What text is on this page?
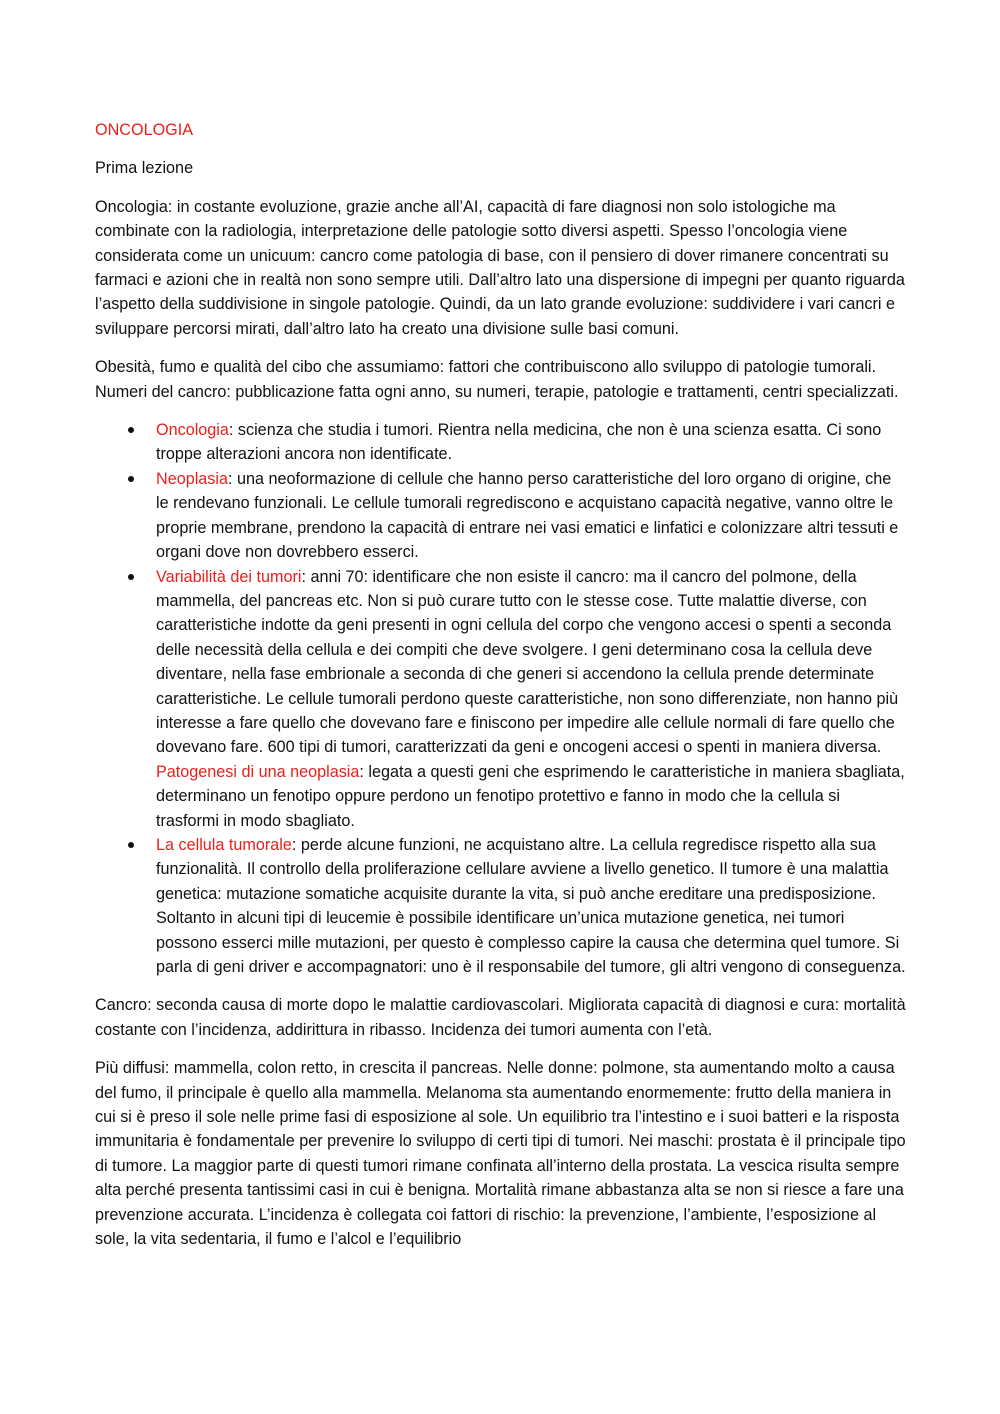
ONCOLOGIA
Prima lezione

Oncologia: in costante evoluzione, grazie anche all’AI, capacità di fare diagnosi non solo istologiche ma combinate con la radiologia, interpretazione delle patologie sotto diversi aspetti. Spesso l’oncologia viene considerata come un unicuum: cancro come patologia di base, con il pensiero di dover rimanere concentrati su farmaci e azioni che in realtà non sono sempre utili. Dall’altro lato una dispersione di impegni per quanto riguarda l’aspetto della suddivisione in singole patologie. Quindi, da un lato grande evoluzione: suddividere i vari cancri e sviluppare percorsi mirati, dall’altro lato ha creato una divisione sulle basi comuni.

Obesità, fumo e qualità del cibo che assumiamo: fattori che contribuiscono allo sviluppo di patologie tumorali. Numeri del cancro: pubblicazione fatta ogni anno, su numeri, terapie, patologie e trattamenti, centri specializzati.

Oncologia: scienza che studia i tumori. Rientra nella medicina, che non è una scienza esatta. Ci sono troppe alterazioni ancora non identificate.
Neoplasia: una neoformazione di cellule che hanno perso caratteristiche del loro organo di origine, che le rendevano funzionali. Le cellule tumorali regrediscono e acquistano capacità negative, vanno oltre le proprie membrane, prendono la capacità di entrare nei vasi ematici e linfatici e colonizzare altri tessuti e organi dove non dovrebbero esserci.
Variabilità dei tumori: anni 70: identificare che non esiste il cancro: ma il cancro del polmone, della mammella, del pancreas etc. Non si può curare tutto con le stesse cose. Tutte malattie diverse, con caratteristiche indotte da geni presenti in ogni cellula del corpo che vengono accesi o spenti a seconda delle necessità della cellula e dei compiti che deve svolgere. I geni determinano cosa la cellula deve diventare, nella fase embrionale a seconda di che generi si accendono la cellula prende determinate caratteristiche. Le cellule tumorali perdono queste caratteristiche, non sono differenziate, non hanno più interesse a fare quello che dovevano fare e finiscono per impedire alle cellule normali di fare quello che dovevano fare. 600 tipi di tumori, caratterizzati da geni e oncogeni accesi o spenti in maniera diversa. Patogenesi di una neoplasia: legata a questi geni che esprimendo le caratteristiche in maniera sbagliata, determinano un fenotipo oppure perdono un fenotipo protettivo e fanno in modo che la cellula si trasformi in modo sbagliato.
La cellula tumorale: perde alcune funzioni, ne acquistano altre. La cellula regredisce rispetto alla sua funzionalità. Il controllo della proliferazione cellulare avviene a livello genetico. Il tumore è una malattia genetica: mutazione somatiche acquisite durante la vita, si può anche ereditare una predisposizione. Soltanto in alcuni tipi di leucemie è possibile identificare un’unica mutazione genetica, nei tumori possono esserci mille mutazioni, per questo è complesso capire la causa che determina quel tumore. Si parla di geni driver e accompagnatori: uno è il responsabile del tumore, gli altri vengono di conseguenza.

Cancro: seconda causa di morte dopo le malattie cardiovascolari. Migliorata capacità di diagnosi e cura: mortalità costante con l’incidenza, addirittura in ribasso. Incidenza dei tumori aumenta con l’età.

Più diffusi: mammella, colon retto, in crescita il pancreas. Nelle donne: polmone, sta aumentando molto a causa del fumo, il principale è quello alla mammella. Melanoma sta aumentando enormemente: frutto della maniera in cui si è preso il sole nelle prime fasi di esposizione al sole. Un equilibrio tra l’intestino e i suoi batteri e la risposta immunitaria è fondamentale per prevenire lo sviluppo di certi tipi di tumori. Nei maschi: prostata è il principale tipo di tumore. La maggior parte di questi tumori rimane confinata all’interno della prostata. La vescica risulta sempre alta perché presenta tantissimi casi in cui è benigna. Mortalità rimane abbastanza alta se non si riesce a fare una prevenzione accurata. L’incidenza è collegata coi fattori di rischio: la prevenzione, l’ambiente, l’esposizione al sole, la vita sedentaria, il fumo e l’alcol e l’equilibrio
